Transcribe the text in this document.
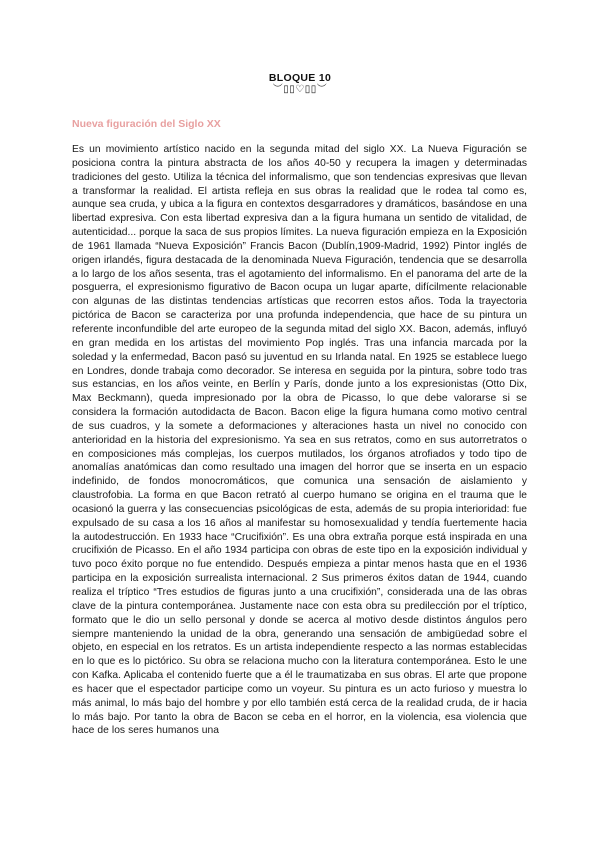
BLOQUE 10
︶▯▯♡▯▯︶
Nueva figuración del Siglo XX

Es un movimiento artístico nacido en la segunda mitad del siglo XX. La Nueva Figuración se posiciona contra la pintura abstracta de los años 40-50 y recupera la imagen y determinadas tradiciones del gesto. Utiliza la técnica del informalismo, que son tendencias expresivas que llevan a transformar la realidad. El artista refleja en sus obras la realidad que le rodea tal como es, aunque sea cruda, y ubica a la figura en contextos desgarradores y dramáticos, basándose en una libertad expresiva. Con esta libertad expresiva dan a la figura humana un sentido de vitalidad, de autenticidad... porque la saca de sus propios límites. La nueva figuración empieza en la Exposición de 1961 llamada “Nueva Exposición” Francis Bacon (Dublín,1909-Madrid, 1992) Pintor inglés de origen irlandés, figura destacada de la denominada Nueva Figuración, tendencia que se desarrolla a lo largo de los años sesenta, tras el agotamiento del informalismo. En el panorama del arte de la posguerra, el expresionismo figurativo de Bacon ocupa un lugar aparte, difícilmente relacionable con algunas de las distintas tendencias artísticas que recorren estos años. Toda la trayectoria pictórica de Bacon se caracteriza por una profunda independencia, que hace de su pintura un referente inconfundible del arte europeo de la segunda mitad del siglo XX. Bacon, además, influyó en gran medida en los artistas del movimiento Pop inglés. Tras una infancia marcada por la soledad y la enfermedad, Bacon pasó su juventud en su Irlanda natal. En 1925 se establece luego en Londres, donde trabaja como decorador. Se interesa en seguida por la pintura, sobre todo tras sus estancias, en los años veinte, en Berlín y París, donde junto a los expresionistas (Otto Dix, Max Beckmann), queda impresionado por la obra de Picasso, lo que debe valorarse si se considera la formación autodidacta de Bacon. Bacon elige la figura humana como motivo central de sus cuadros, y la somete a deformaciones y alteraciones hasta un nivel no conocido con anterioridad en la historia del expresionismo. Ya sea en sus retratos, como en sus autorretratos o en composiciones más complejas, los cuerpos mutilados, los órganos atrofiados y todo tipo de anomalías anatómicas dan como resultado una imagen del horror que se inserta en un espacio indefinido, de fondos monocromáticos, que comunica una sensación de aislamiento y claustrofobia. La forma en que Bacon retrató al cuerpo humano se origina en el trauma que le ocasionó la guerra y las consecuencias psicológicas de esta, además de su propia interioridad: fue expulsado de su casa a los 16 años al manifestar su homosexualidad y tendía fuertemente hacia la autodestrucción. En 1933 hace “Crucifixión”. Es una obra extraña porque está inspirada en una crucifixión de Picasso. En el año 1934 participa con obras de este tipo en la exposición individual y tuvo poco éxito porque no fue entendido. Después empieza a pintar menos hasta que en el 1936 participa en la exposición surrealista internacional. 2 Sus primeros éxitos datan de 1944, cuando realiza el tríptico “Tres estudios de figuras junto a una crucifixión”, considerada una de las obras clave de la pintura contemporánea. Justamente nace con esta obra su predilección por el tríptico, formato que le dio un sello personal y donde se acerca al motivo desde distintos ángulos pero siempre manteniendo la unidad de la obra, generando una sensación de ambigüedad sobre el objeto, en especial en los retratos. Es un artista independiente respecto a las normas establecidas en lo que es lo pictórico. Su obra se relaciona mucho con la literatura contemporánea. Esto le une con Kafka. Aplicaba el contenido fuerte que a él le traumatizaba en sus obras. El arte que propone es hacer que el espectador participe como un voyeur. Su pintura es un acto furioso y muestra lo más animal, lo más bajo del hombre y por ello también está cerca de la realidad cruda, de ir hacia lo más bajo. Por tanto la obra de Bacon se ceba en el horror, en la violencia, esa violencia que hace de los seres humanos una
